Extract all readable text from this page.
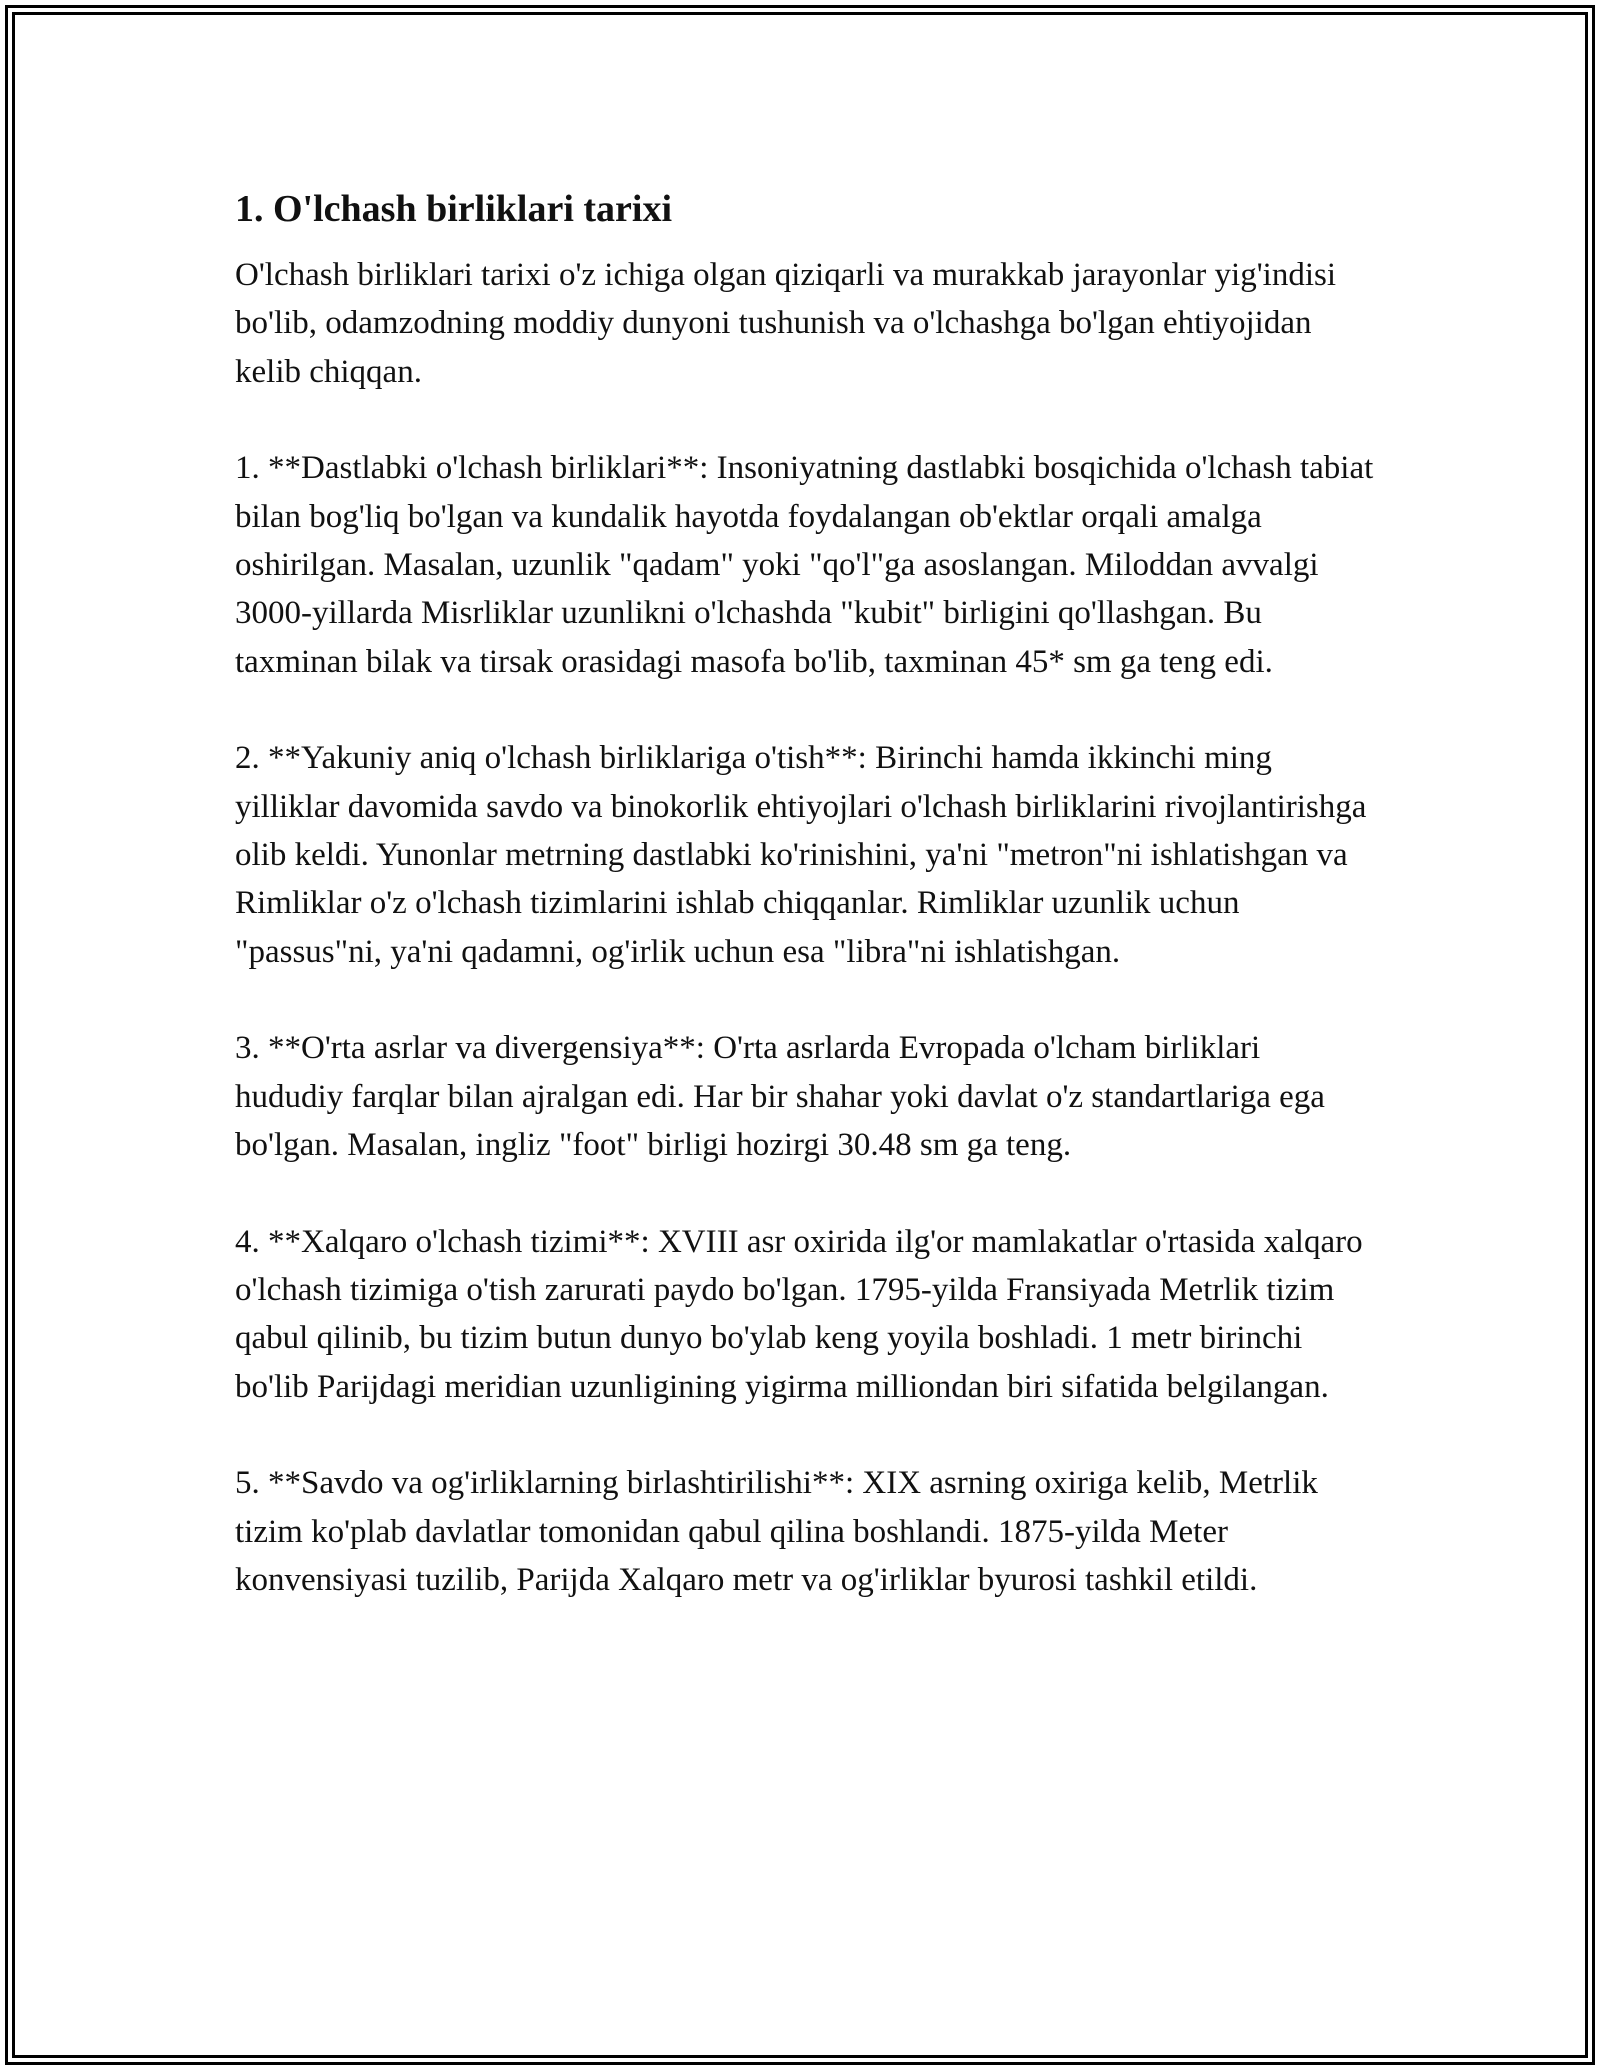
1. O'lchash birliklari tarixi

O'lchash birliklari tarixi o'z ichiga olgan qiziqarli va murakkab jarayonlar yig'indisi bo'lib, odamzodning moddiy dunyoni tushunish va o'lchashga bo'lgan ehtiyojidan kelib chiqqan.

1. **Dastlabki o'lchash birliklari**: Insoniyatning dastlabki bosqichida o'lchash tabiat bilan bog'liq bo'lgan va kundalik hayotda foydalangan ob'ektlar orqali amalga oshirilgan. Masalan, uzunlik "qadam" yoki "qo'l"ga asoslangan. Miloddan avvalgi 3000-yillarda Misrliklar uzunlikni o'lchashda "kubit" birligini qo'llashgan. Bu taxminan bilak va tirsak orasidagi masofa bo'lib, taxminan 45* sm ga teng edi.

2. **Yakuniy aniq o'lchash birliklariga o'tish**: Birinchi hamda ikkinchi ming yilliklar davomida savdo va binokorlik ehtiyojlari o'lchash birliklarini rivojlantirishga olib keldi. Yunonlar metrning dastlabki ko'rinishini, ya'ni "metron"ni ishlatishgan va Rimliklar o'z o'lchash tizimlarini ishlab chiqqanlar. Rimliklar uzunlik uchun "passus"ni, ya'ni qadamni, og'irlik uchun esa "libra"ni ishlatishgan.

3. **O'rta asrlar va divergensiya**: O'rta asrlarda Evropada o'lcham birliklari hududiy farqlar bilan ajralgan edi. Har bir shahar yoki davlat o'z standartlariga ega bo'lgan. Masalan, ingliz "foot" birligi hozirgi 30.48 sm ga teng.

4. **Xalqaro o'lchash tizimi**: XVIII asr oxirida ilg'or mamlakatlar o'rtasida xalqaro o'lchash tizimiga o'tish zarurati paydo bo'lgan. 1795-yilda Fransiyada Metrlik tizim qabul qilinib, bu tizim butun dunyo bo'ylab keng yoyila boshladi. 1 metr birinchi bo'lib Parijdagi meridian uzunligining yigirma milliondan biri sifatida belgilangan.

5. **Savdo va og'irliklarning birlashtirilishi**: XIX asrning oxiriga kelib, Metrlik tizim ko'plab davlatlar tomonidan qabul qilina boshlandi. 1875-yilda Meter konvensiyasi tuzilib, Parijda Xalqaro metr va og'irliklar byurosi tashkil etildi.
